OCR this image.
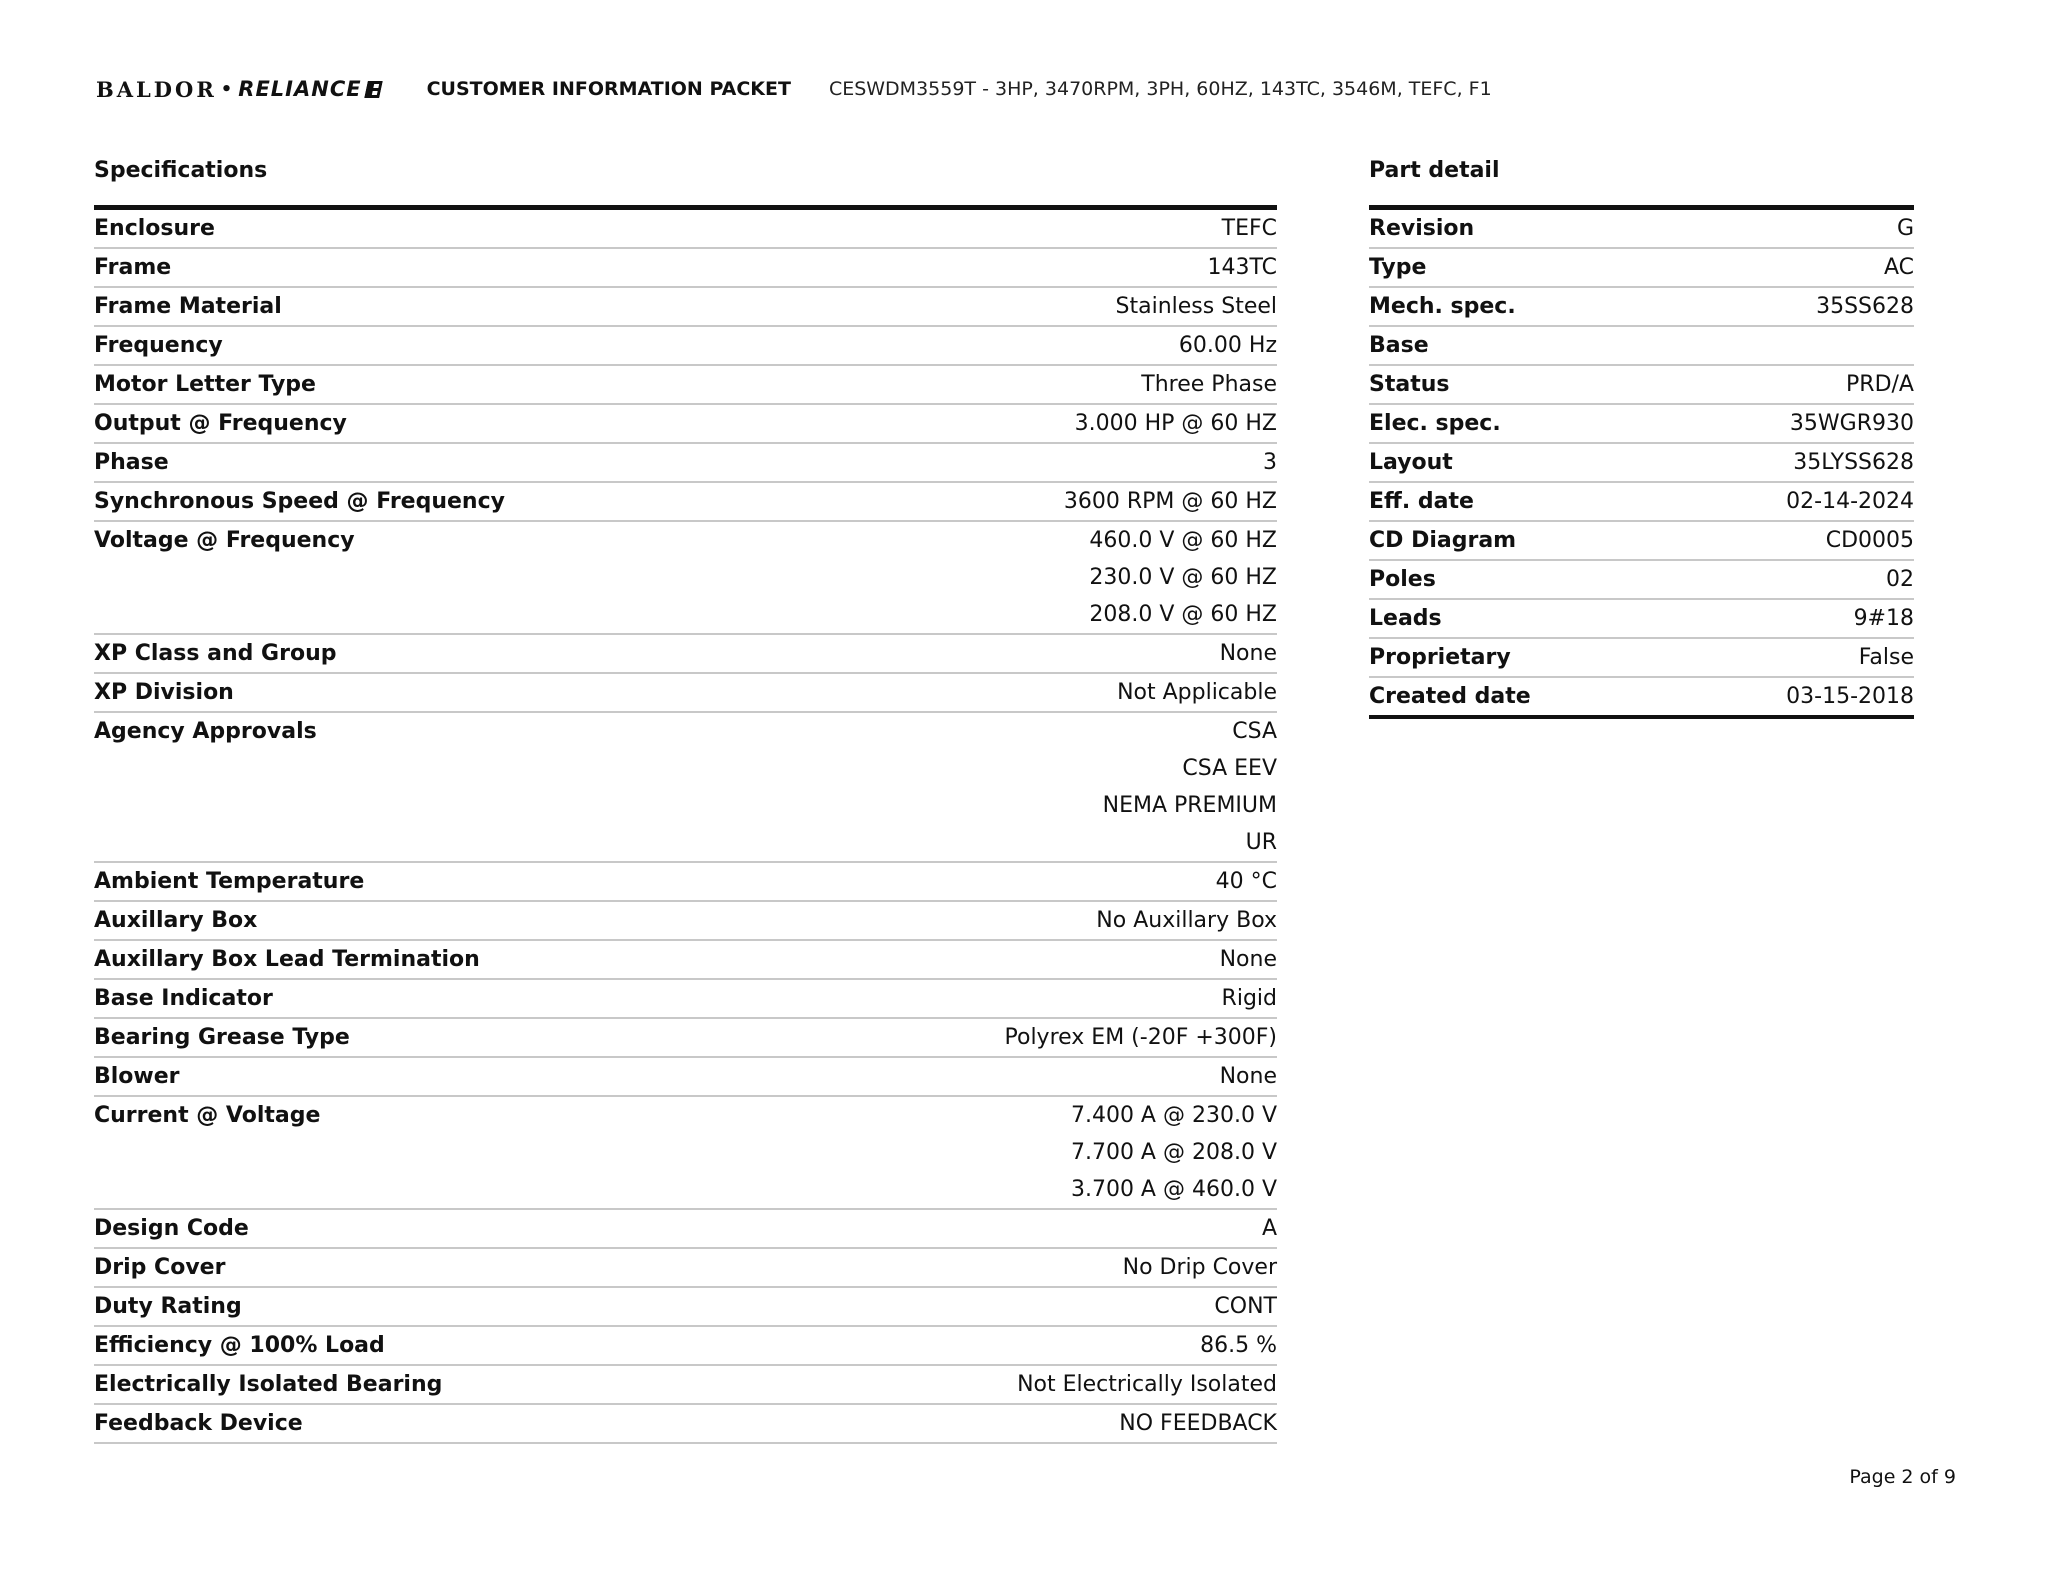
BALDOR • RELIANCE	CUSTOMER INFORMATION PACKET CESWDM3559T - 3HP, 3470RPM, 3PH, 60HZ, 143TC, 3546M, TEFC, F1
Specifications
Enclosure	TEFC

Frame	143TC

Frame Material	Stainless Steel

Frequency	60.00 Hz

Motor Letter Type	Three Phase

Output @ Frequency	3.000 HP @ 60 HZ

Phase	3

Synchronous Speed @ Frequency	3600 RPM @ 60 HZ

Voltage @ Frequency	460.0 V @ 60 HZ
230.0 V @ 60 HZ
208.0 V @ 60 HZ

XP Class and Group	None

XP Division	Not Applicable

Agency Approvals	CSA
CSA EEV
NEMA PREMIUM
UR

Ambient Temperature	40 °C

Auxillary Box	No Auxillary Box

Auxillary Box Lead Termination	None

Base Indicator	Rigid

Bearing Grease Type	Polyrex EM (-20F +300F)

Blower	None

Current @ Voltage	7.400 A @ 230.0 V
7.700 A @ 208.0 V
3.700 A @ 460.0 V

Design Code	A

Drip Cover	No Drip Cover

Duty Rating	CONT

Efficiency @ 100% Load	86.5 %

Electrically Isolated Bearing	Not Electrically Isolated

Feedback Device	NO FEEDBACK
Part detail
Revision	G
Type	AC
Mech. spec.	35SS628
Base	
Status	PRD/A
Elec. spec.	35WGR930
Layout	35LYSS628
Eff. date	02-14-2024
CD Diagram	CD0005
Poles	02
Leads	9#18
Proprietary	False
Created date	03-15-2018
Page 2 of 9
